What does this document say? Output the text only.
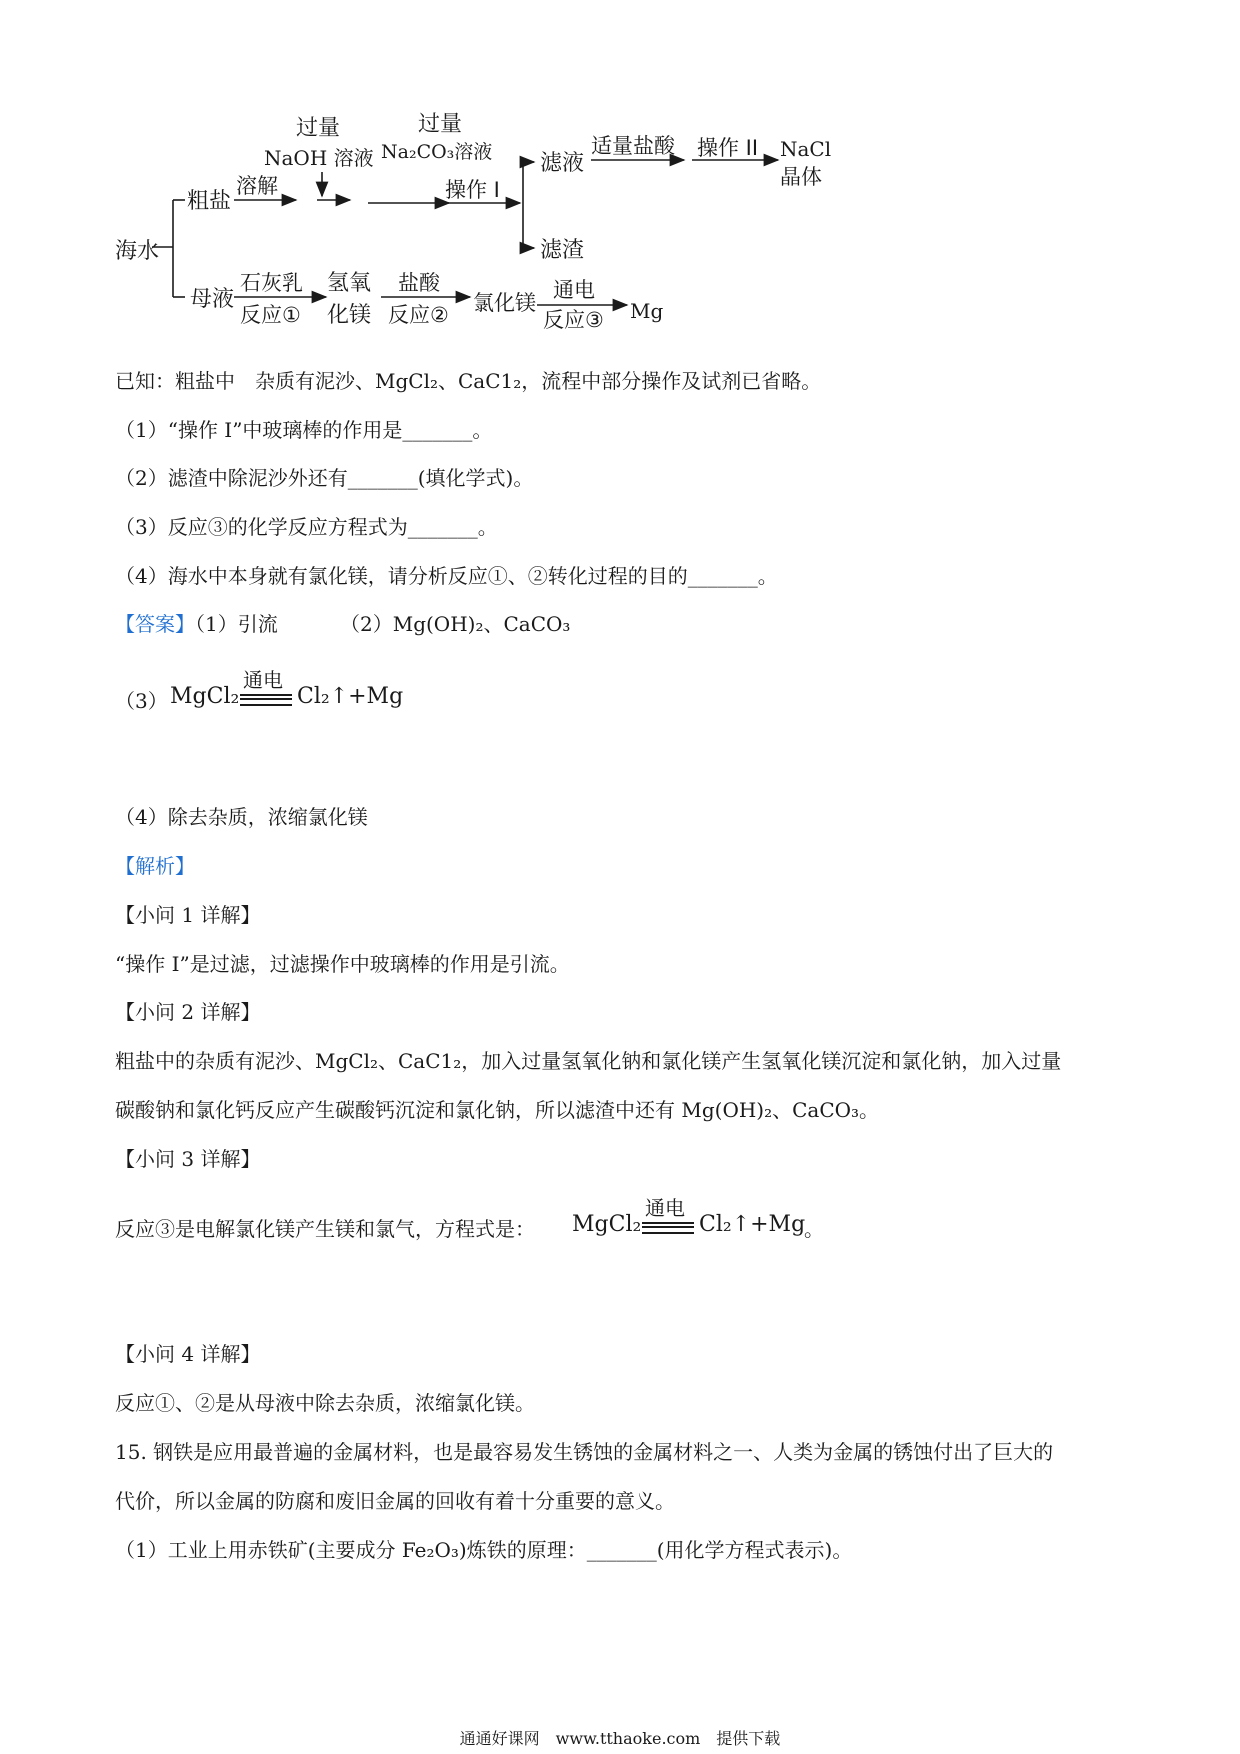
海水
粗盐
溶解
过量
NaOH 溶液
过量
Na₂CO₃溶液
操作 I
滤液
适量盐酸 操作 II NaCl
晶体
滤渣
母液
石灰乳
反应①
氢氧
化镁
盐酸
反应② 氯化镁
通电
反应③ Mg
已知：粗盐中　杂质有泥沙、MgCl₂、CaC1₂，流程中部分操作及试剂已省略。
（1）“操作 I”中玻璃棒的作用是_______。
（2）滤渣中除泥沙外还有_______(填化学式)。
（3）反应③的化学反应方程式为_______。
（4）海水中本身就有氯化镁，请分析反应①、②转化过程的目的_______。
【答案】（1）引流	（2）Mg(OH)₂、CaCO₃
（3） MgCl₂
通电
Cl₂↑+Mg
（4）除去杂质，浓缩氯化镁
【解析】
【小问 1 详解】
“操作 I”是过滤，过滤操作中玻璃棒的作用是引流。
【小问 2 详解】
粗盐中的杂质有泥沙、MgCl₂、CaC1₂，加入过量氢氧化钠和氯化镁产生氢氧化镁沉淀和氯化钠，加入过量
碳酸钠和氯化钙反应产生碳酸钙沉淀和氯化钠，所以滤渣中还有 Mg(OH)₂、CaCO₃。
【小问 3 详解】
反应③是电解氯化镁产生镁和氯气，方程式是： MgCl₂
通电
Cl₂↑+Mg
。
【小问 4 详解】
反应①、②是从母液中除去杂质，浓缩氯化镁。
15. 钢铁是应用最普遍的金属材料，也是最容易发生锈蚀的金属材料之一、人类为金属的锈蚀付出了巨大的
代价，所以金属的防腐和废旧金属的回收有着十分重要的意义。
（1）工业上用赤铁矿(主要成分 Fe₂O₃)炼铁的原理：_______(用化学方程式表示)。
通通好课网　www.tthaoke.com　提供下载
